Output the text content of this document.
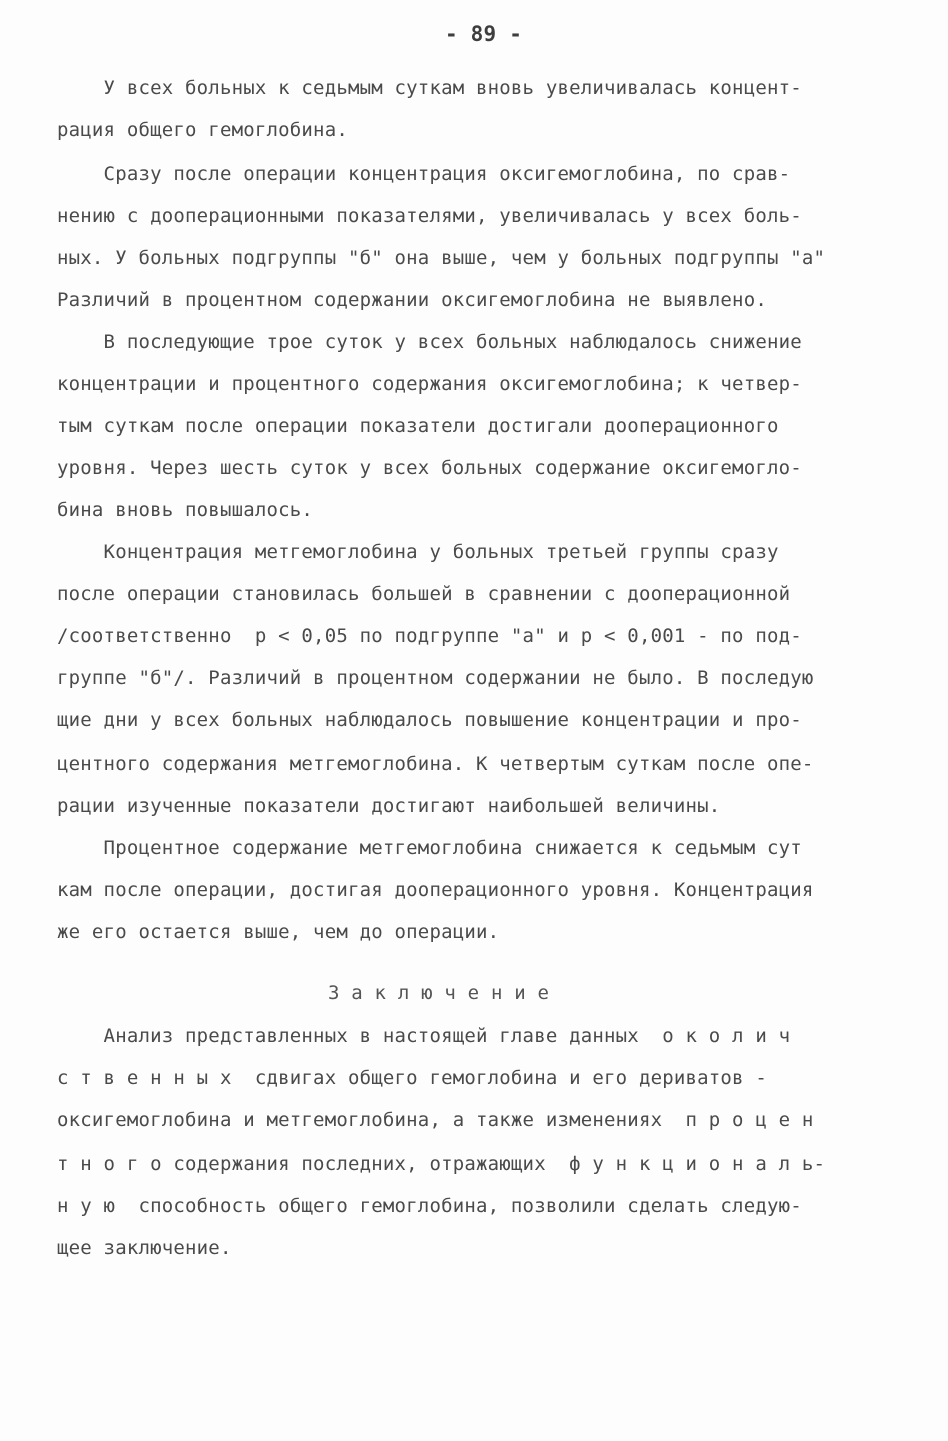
- 89 -
У всех больных к седьмым суткам вновь увеличивалась концент-
рация общего гемоглобина.
Сразу после операции концентрация оксигемоглобина, по срав-
нению с дооперационными показателями, увеличивалась у всех боль-
ных. У больных подгруппы "б" она выше, чем у больных подгруппы "а"
Различий в процентном содержании оксигемоглобина не выявлено.
В последующие трое суток у всех больных наблюдалось снижение
концентрации и процентного содержания оксигемоглобина; к четвер-
тым суткам после операции показатели достигали дооперационного
уровня. Через шесть суток у всех больных содержание оксигемогло-
бина вновь повышалось.
Концентрация метгемоглобина у больных третьей группы сразу
после операции становилась большей в сравнении с дооперационной
/соответственно  р < 0,05 по подгруппе "а" и р < 0,001 - по под-
группе "б"/. Различий в процентном содержании не было. В последую
щие дни у всех больных наблюдалось повышение концентрации и про-
центного содержания метгемоглобина. К четвертым суткам после опе-
рации изученные показатели достигают наибольшей величины.
Процентное содержание метгемоглобина снижается к седьмым сут
кам после операции, достигая дооперационного уровня. Концентрация
же его остается выше, чем до операции.
З а к л ю ч е н и е
Анализ представленных в настоящей главе данных  о к о л и ч
с т в е н н ы х  сдвигах общего гемоглобина и его дериватов -
оксигемоглобина и метгемоглобина, а также изменениях  п р о ц е н
т н о г о содержания последних, отражающих  ф у н к ц и о н а л ь-
н у ю  способность общего гемоглобина, позволили сделать следую-
щее заключение.
